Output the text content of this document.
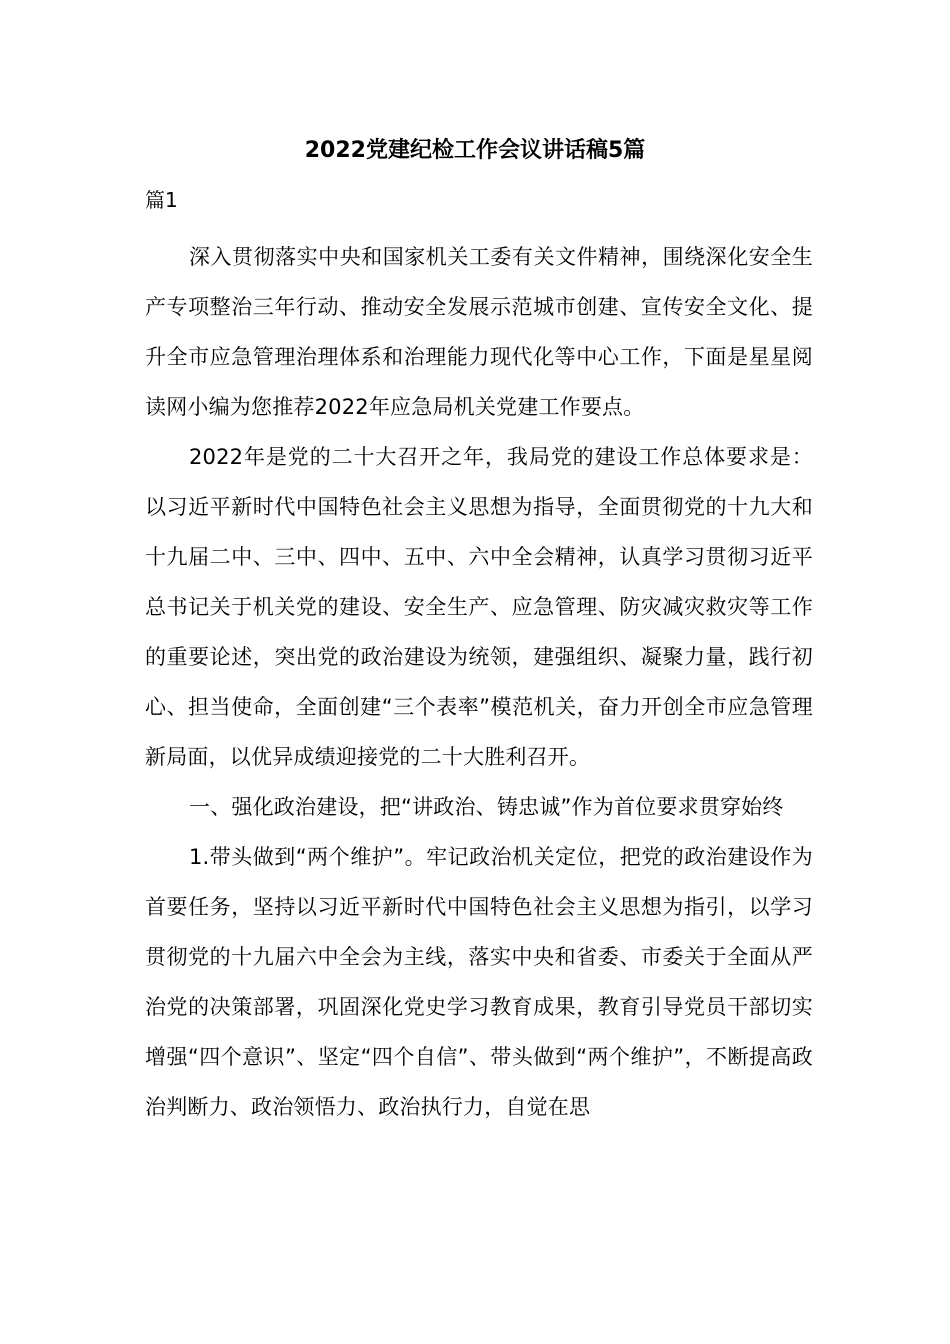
2022党建纪检工作会议讲话稿5篇
篇1

深入贯彻落实中央和国家机关工委有关文件精神，围绕深化安全生产专项整治三年行动、推动安全发展示范城市创建、宣传安全文化、提升全市应急管理治理体系和治理能力现代化等中心工作，下面是星星阅读网小编为您推荐2022年应急局机关党建工作要点。

2022年是党的二十大召开之年，我局党的建设工作总体要求是：以习近平新时代中国特色社会主义思想为指导，全面贯彻党的十九大和十九届二中、三中、四中、五中、六中全会精神，认真学习贯彻习近平总书记关于机关党的建设、安全生产、应急管理、防灾减灾救灾等工作的重要论述，突出党的政治建设为统领，建强组织、凝聚力量，践行初心、担当使命，全面创建“三个表率”模范机关，奋力开创全市应急管理新局面，以优异成绩迎接党的二十大胜利召开。

一、强化政治建设，把“讲政治、铸忠诚”作为首位要求贯穿始终

1.带头做到“两个维护”。牢记政治机关定位，把党的政治建设作为首要任务，坚持以习近平新时代中国特色社会主义思想为指引，以学习贯彻党的十九届六中全会为主线，落实中央和省委、市委关于全面从严治党的决策部署，巩固深化党史学习教育成果，教育引导党员干部切实增强“四个意识”、坚定“四个自信”、带头做到“两个维护”，不断提高政治判断力、政治领悟力、政治执行力，自觉在思
